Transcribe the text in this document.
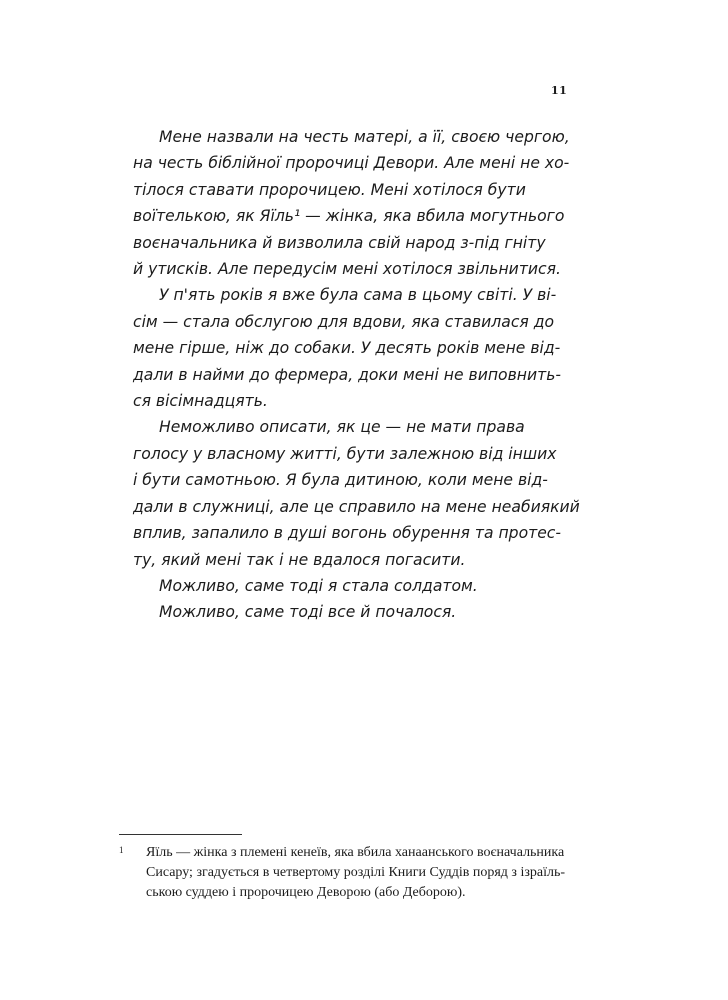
11
Мене назвали на честь матері, а її, своєю чергою,
на честь біблійної пророчиці Девори. Але мені не хо-
тілося ставати пророчицею. Мені хотілося бути
воїтелькою, як Яїль¹ — жінка, яка вбила могутнього
воєначальника й визволила свій народ з-під гніту
й утисків. Але передусім мені хотілося звільнитися.
У п'ять років я вже була сама в цьому світі. У ві-
сім — стала обслугою для вдови, яка ставилася до
мене гірше, ніж до собаки. У десять років мене від-
дали в найми до фермера, доки мені не виповнить-
ся вісімнадцять.
Неможливо описати, як це — не мати права
голосу у власному житті, бути залежною від інших
і бути самотньою. Я була дитиною, коли мене від-
дали в служниці, але це справило на мене неабиякий
вплив, запалило в душі вогонь обурення та протес-
ту, який мені так і не вдалося погасити.
Можливо, саме тоді я стала солдатом.
Можливо, саме тоді все й почалося.
1	Яїль — жінка з племені кенеїв, яка вбила ханаанського воєначальника
Сисару; згадується в четвертому розділі Книги Суддів поряд з ізраїль-
ською суддею і пророчицею Деворою (або Деборою).
